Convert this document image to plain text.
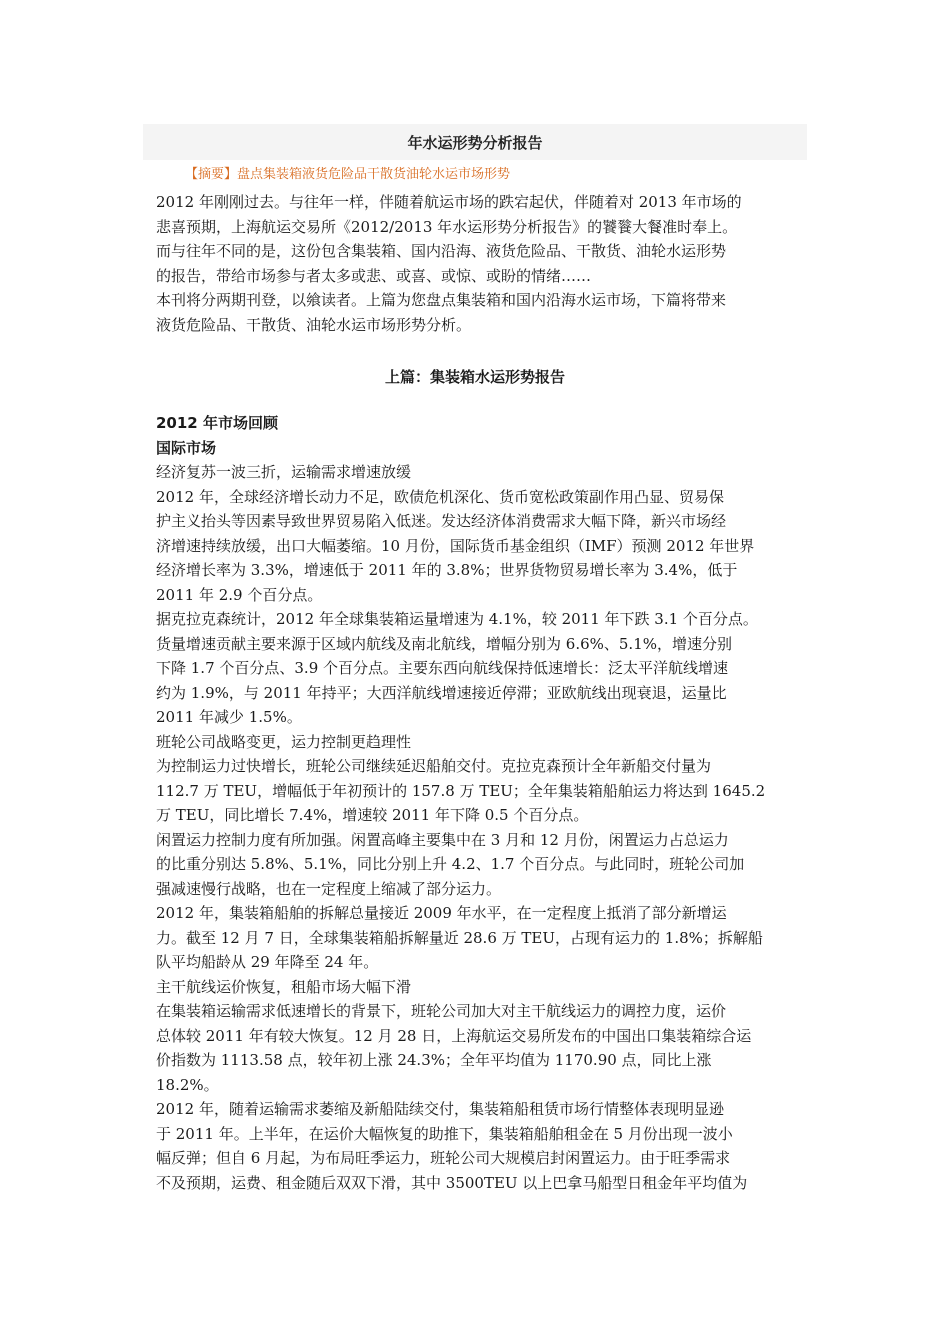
年水运形势分析报告
【摘要】盘点集装箱液货危险品干散货油轮水运市场形势
2012 年刚刚过去。与往年一样，伴随着航运市场的跌宕起伏，伴随着对 2013 年市场的
悲喜预期，上海航运交易所《2012/2013 年水运形势分析报告》的饕餮大餐准时奉上。
而与往年不同的是，这份包含集装箱、国内沿海、液货危险品、干散货、油轮水运形势
的报告，带给市场参与者太多或悲、或喜、或惊、或盼的情绪……
本刊将分两期刊登，以飨读者。上篇为您盘点集装箱和国内沿海水运市场，下篇将带来
液货危险品、干散货、油轮水运市场形势分析。
上篇：集装箱水运形势报告
2012 年市场回顾
国际市场
经济复苏一波三折，运输需求增速放缓
2012 年，全球经济增长动力不足，欧债危机深化、货币宽松政策副作用凸显、贸易保
护主义抬头等因素导致世界贸易陷入低迷。发达经济体消费需求大幅下降，新兴市场经
济增速持续放缓，出口大幅萎缩。10 月份，国际货币基金组织（IMF）预测 2012 年世界
经济增长率为 3.3%，增速低于 2011 年的 3.8%；世界货物贸易增长率为 3.4%，低于
2011 年 2.9 个百分点。
据克拉克森统计，2012 年全球集装箱运量增速为 4.1%，较 2011 年下跌 3.1 个百分点。
货量增速贡献主要来源于区域内航线及南北航线，增幅分别为 6.6%、5.1%，增速分别
下降 1.7 个百分点、3.9 个百分点。主要东西向航线保持低速增长：泛太平洋航线增速
约为 1.9%，与 2011 年持平；大西洋航线增速接近停滞；亚欧航线出现衰退，运量比
2011 年减少 1.5%。
班轮公司战略变更，运力控制更趋理性
为控制运力过快增长，班轮公司继续延迟船舶交付。克拉克森预计全年新船交付量为
112.7 万 TEU，增幅低于年初预计的 157.8 万 TEU；全年集装箱船舶运力将达到 1645.2
万 TEU，同比增长 7.4%，增速较 2011 年下降 0.5 个百分点。
闲置运力控制力度有所加强。闲置高峰主要集中在 3 月和 12 月份，闲置运力占总运力
的比重分别达 5.8%、5.1%，同比分别上升 4.2、1.7 个百分点。与此同时，班轮公司加
强减速慢行战略，也在一定程度上缩减了部分运力。
2012 年，集装箱船舶的拆解总量接近 2009 年水平，在一定程度上抵消了部分新增运
力。截至 12 月 7 日，全球集装箱船拆解量近 28.6 万 TEU，占现有运力的 1.8%；拆解船
队平均船龄从 29 年降至 24 年。
主干航线运价恢复，租船市场大幅下滑
在集装箱运输需求低速增长的背景下，班轮公司加大对主干航线运力的调控力度，运价
总体较 2011 年有较大恢复。12 月 28 日，上海航运交易所发布的中国出口集装箱综合运
价指数为 1113.58 点，较年初上涨 24.3%；全年平均值为 1170.90 点，同比上涨
18.2%。
2012 年，随着运输需求萎缩及新船陆续交付，集装箱船租赁市场行情整体表现明显逊
于 2011 年。上半年，在运价大幅恢复的助推下，集装箱船舶租金在 5 月份出现一波小
幅反弹；但自 6 月起，为布局旺季运力，班轮公司大规模启封闲置运力。由于旺季需求
不及预期，运费、租金随后双双下滑，其中 3500TEU 以上巴拿马船型日租金年平均值为
